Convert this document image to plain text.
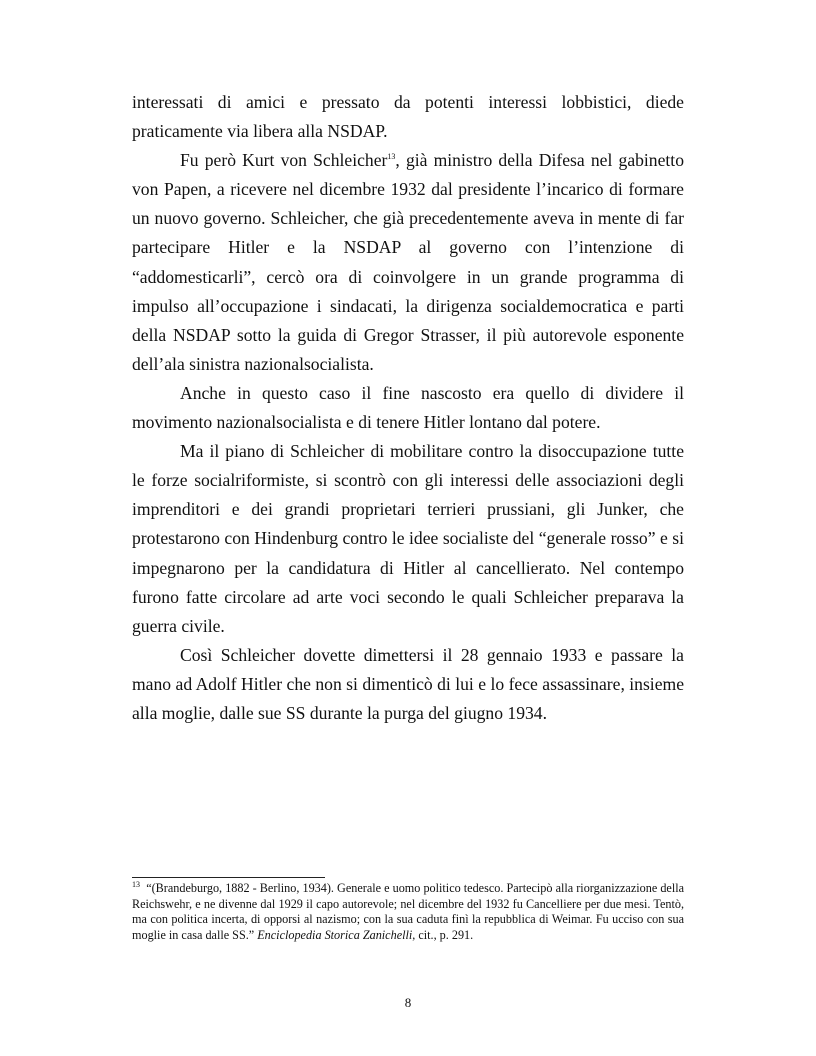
interessati di amici e pressato da potenti interessi lobbistici, diede praticamente via libera alla NSDAP.

Fu però Kurt von Schleicher$^{13}$, già ministro della Difesa nel gabinetto von Papen, a ricevere nel dicembre 1932 dal presidente l’incarico di formare un nuovo governo. Schleicher, che già precedentemente aveva in mente di far partecipare Hitler e la NSDAP al governo con l’intenzione di “addomesticarli”, cercò ora di coinvolgere in un grande programma di impulso all’occupazione i sindacati, la dirigenza socialdemocratica e parti della NSDAP sotto la guida di Gregor Strasser, il più autorevole esponente dell’ala sinistra nazionalsocialista.

Anche in questo caso il fine nascosto era quello di dividere il movimento nazionalsocialista e di tenere Hitler lontano dal potere.

Ma il piano di Schleicher di mobilitare contro la disoccupazione tutte le forze socialriformiste, si scontrò con gli interessi delle associazioni degli imprenditori e dei grandi proprietari terrieri prussiani, gli Junker, che protestarono con Hindenburg contro le idee socialiste del “generale rosso” e si impegnarono per la candidatura di Hitler al cancellierato. Nel contempo furono fatte circolare ad arte voci secondo le quali Schleicher preparava la guerra civile.

Così Schleicher dovette dimettersi il 28 gennaio 1933 e passare la mano ad Adolf Hitler che non si dimenticò di lui e lo fece assassinare, insieme alla moglie, dalle sue SS durante la purga del giugno 1934.

$^{13}$ “(Brandeburgo, 1882 - Berlino, 1934). Generale e uomo politico tedesco. Partecipò alla riorganizzazione della Reichswehr, e ne divenne dal 1929 il capo autorevole; nel dicembre del 1932 fu Cancelliere per due mesi. Tentò, ma con politica incerta, di opporsi al nazismo; con la sua caduta finì la repubblica di Weimar. Fu ucciso con sua moglie in casa dalle SS.” Enciclopedia Storica Zanichelli, cit., p. 291.

8
